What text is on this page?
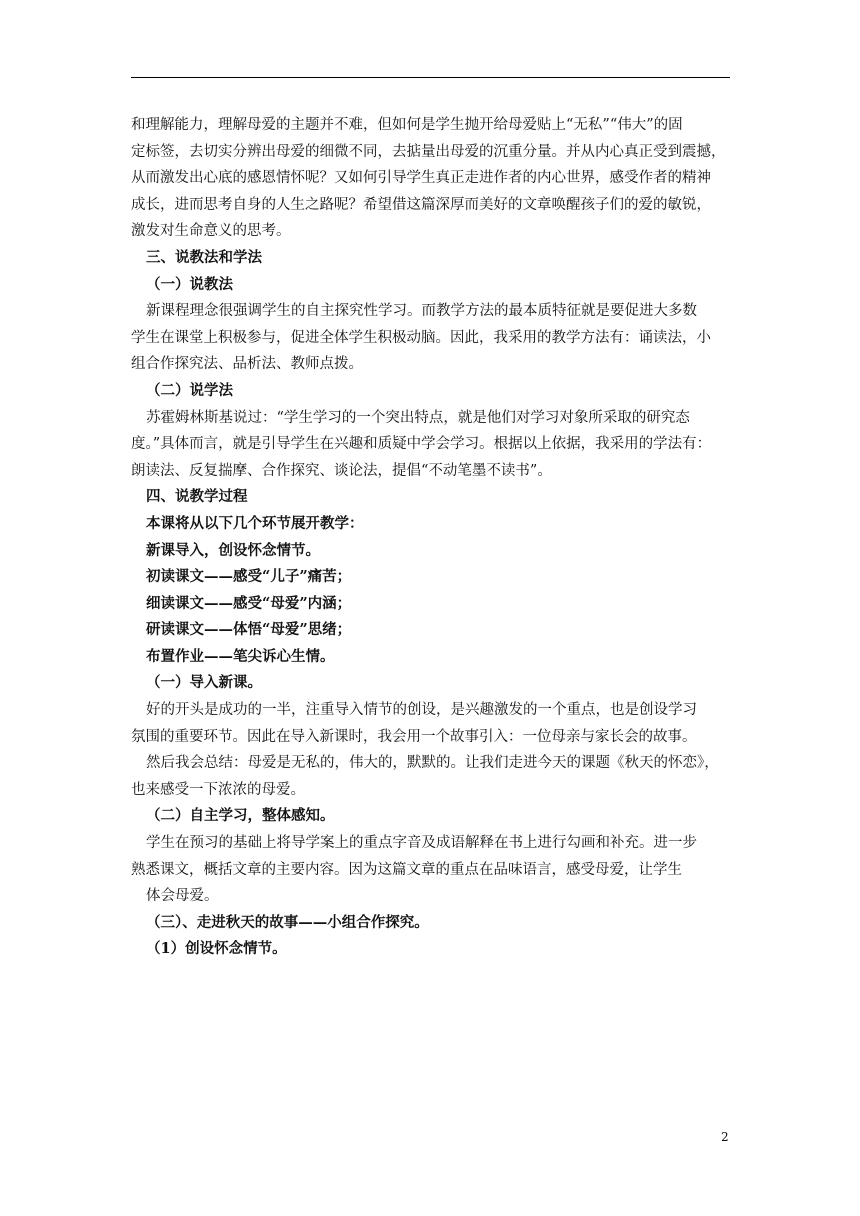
和理解能力，理解母爱的主题并不难，但如何是学生抛开给母爱贴上“无私”“伟大”的固
定标签，去切实分辨出母爱的细微不同，去掂量出母爱的沉重分量。并从内心真正受到震撼，
从而激发出心底的感恩情怀呢？又如何引导学生真正走进作者的内心世界，感受作者的精神
成长，进而思考自身的人生之路呢？希望借这篇深厚而美好的文章唤醒孩子们的爱的敏锐，
激发对生命意义的思考。
三、说教法和学法
（一）说教法
新课程理念很强调学生的自主探究性学习。而教学方法的最本质特征就是要促进大多数
学生在课堂上积极参与，促进全体学生积极动脑。因此，我采用的教学方法有：诵读法，小
组合作探究法、品析法、教师点拨。
（二）说学法
苏霍姆林斯基说过：“学生学习的一个突出特点，就是他们对学习对象所采取的研究态
度。”具体而言，就是引导学生在兴趣和质疑中学会学习。根据以上依据，我采用的学法有：
朗读法、反复揣摩、合作探究、谈论法，提倡“不动笔墨不读书”。
四、说教学过程
本课将从以下几个环节展开教学：
新课导入，创设怀念情节。
初读课文——感受“儿子”痛苦；
细读课文——感受“母爱”内涵；
研读课文——体悟“母爱”思绪；
布置作业——笔尖诉心生情。
（一）导入新课。
好的开头是成功的一半，注重导入情节的创设，是兴趣激发的一个重点，也是创设学习
氛围的重要环节。因此在导入新课时，我会用一个故事引入：一位母亲与家长会的故事。
然后我会总结：母爱是无私的，伟大的，默默的。让我们走进今天的课题《秋天的怀恋》，
也来感受一下浓浓的母爱。
（二）自主学习，整体感知。
学生在预习的基础上将导学案上的重点字音及成语解释在书上进行勾画和补充。进一步
熟悉课文，概括文章的主要内容。因为这篇文章的重点在品味语言，感受母爱，让学生
体会母爱。
（三）、走进秋天的故事——小组合作探究。
（1）创设怀念情节。
2
